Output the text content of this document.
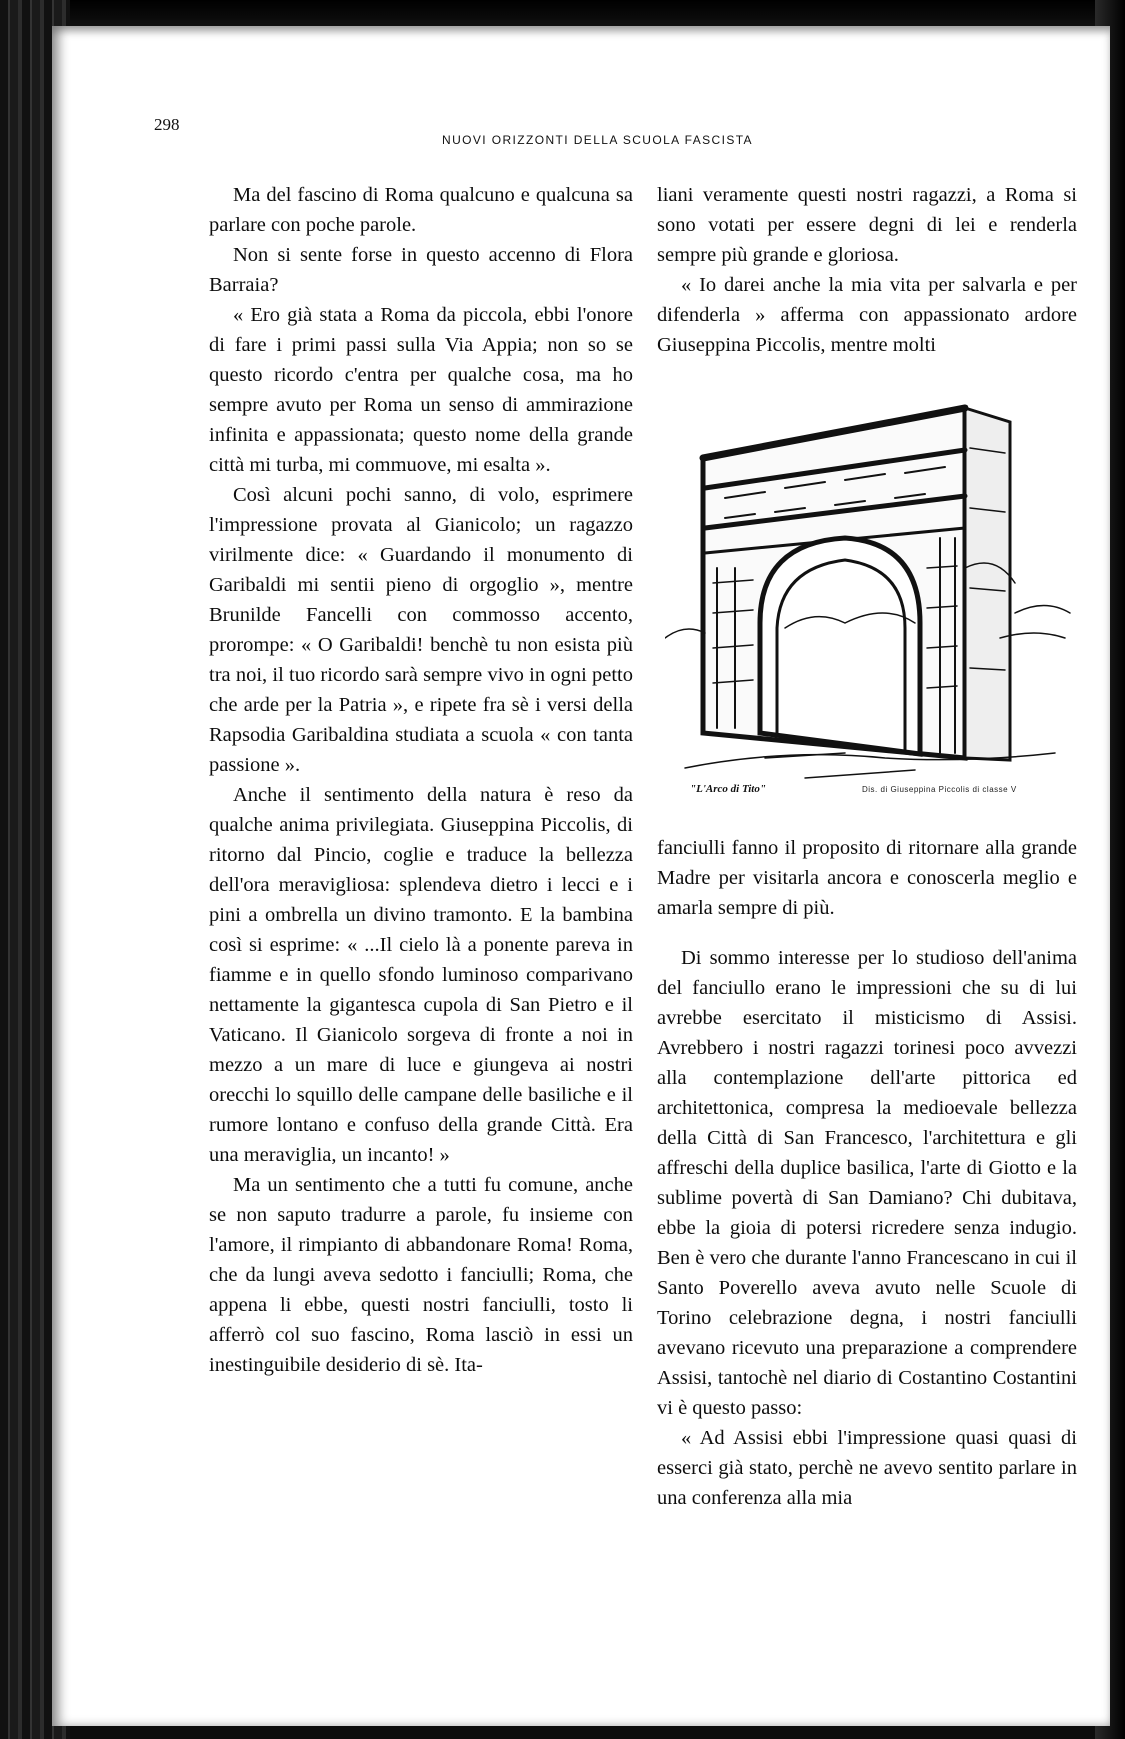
298
NUOVI ORIZZONTI DELLA SCUOLA FASCISTA

Ma del fascino di Roma qualcuno e qualcuna sa parlare con poche parole.

Non si sente forse in questo accenno di Flora Barraia?

« Ero già stata a Roma da piccola, ebbi l'onore di fare i primi passi sulla Via Appia; non so se questo ricordo c'entra per qualche cosa, ma ho sempre avuto per Roma un senso di ammirazione infinita e appassionata; questo nome della grande città mi turba, mi commuove, mi esalta ».

Così alcuni pochi sanno, di volo, esprimere l'impressione provata al Gianicolo; un ragazzo virilmente dice: « Guardando il monumento di Garibaldi mi sentii pieno di orgoglio », mentre Brunilde Fancelli con commosso accento, prorompe: « O Garibaldi! benchè tu non esista più tra noi, il tuo ricordo sarà sempre vivo in ogni petto che arde per la Patria », e ripete fra sè i versi della Rapsodia Garibaldina studiata a scuola « con tanta passione ».

Anche il sentimento della natura è reso da qualche anima privilegiata. Giuseppina Piccolis, di ritorno dal Pincio, coglie e traduce la bellezza dell'ora meravigliosa: splendeva dietro i lecci e i pini a ombrella un divino tramonto. E la bambina così si esprime: « ...Il cielo là a ponente pareva in fiamme e in quello sfondo luminoso comparivano nettamente la gigantesca cupola di San Pietro e il Vaticano. Il Gianicolo sorgeva di fronte a noi in mezzo a un mare di luce e giungeva ai nostri orecchi lo squillo delle campane delle basiliche e il rumore lontano e confuso della grande Città. Era una meraviglia, un incanto! »

Ma un sentimento che a tutti fu comune, anche se non saputo tradurre a parole, fu insieme con l'amore, il rimpianto di abbandonare Roma! Roma, che da lungi aveva sedotto i fanciulli; Roma, che appena li ebbe, questi nostri fanciulli, tosto li afferrò col suo fascino, Roma lasciò in essi un inestinguibile desiderio di sè. Ita-

liani veramente questi nostri ragazzi, a Roma si sono votati per essere degni di lei e renderla sempre più grande e gloriosa.

« Io darei anche la mia vita per salvarla e per difenderla » afferma con appassionato ardore Giuseppina Piccolis, mentre molti

"L'Arco di Tito"	Dis. di Giuseppina Piccolis di classe V

fanciulli fanno il proposito di ritornare alla grande Madre per visitarla ancora e conoscerla meglio e amarla sempre di più.

Di sommo interesse per lo studioso dell'anima del fanciullo erano le impressioni che su di lui avrebbe esercitato il misticismo di Assisi. Avrebbero i nostri ragazzi torinesi poco avvezzi alla contemplazione dell'arte pittorica ed architettonica, compresa la medioevale bellezza della Città di San Francesco, l'architettura e gli affreschi della duplice basilica, l'arte di Giotto e la sublime povertà di San Damiano? Chi dubitava, ebbe la gioia di potersi ricredere senza indugio. Ben è vero che durante l'anno Francescano in cui il Santo Poverello aveva avuto nelle Scuole di Torino celebrazione degna, i nostri fanciulli avevano ricevuto una preparazione a comprendere Assisi, tantochè nel diario di Costantino Costantini vi è questo passo:

« Ad Assisi ebbi l'impressione quasi quasi di esserci già stato, perchè ne avevo sentito parlare in una conferenza alla mia
